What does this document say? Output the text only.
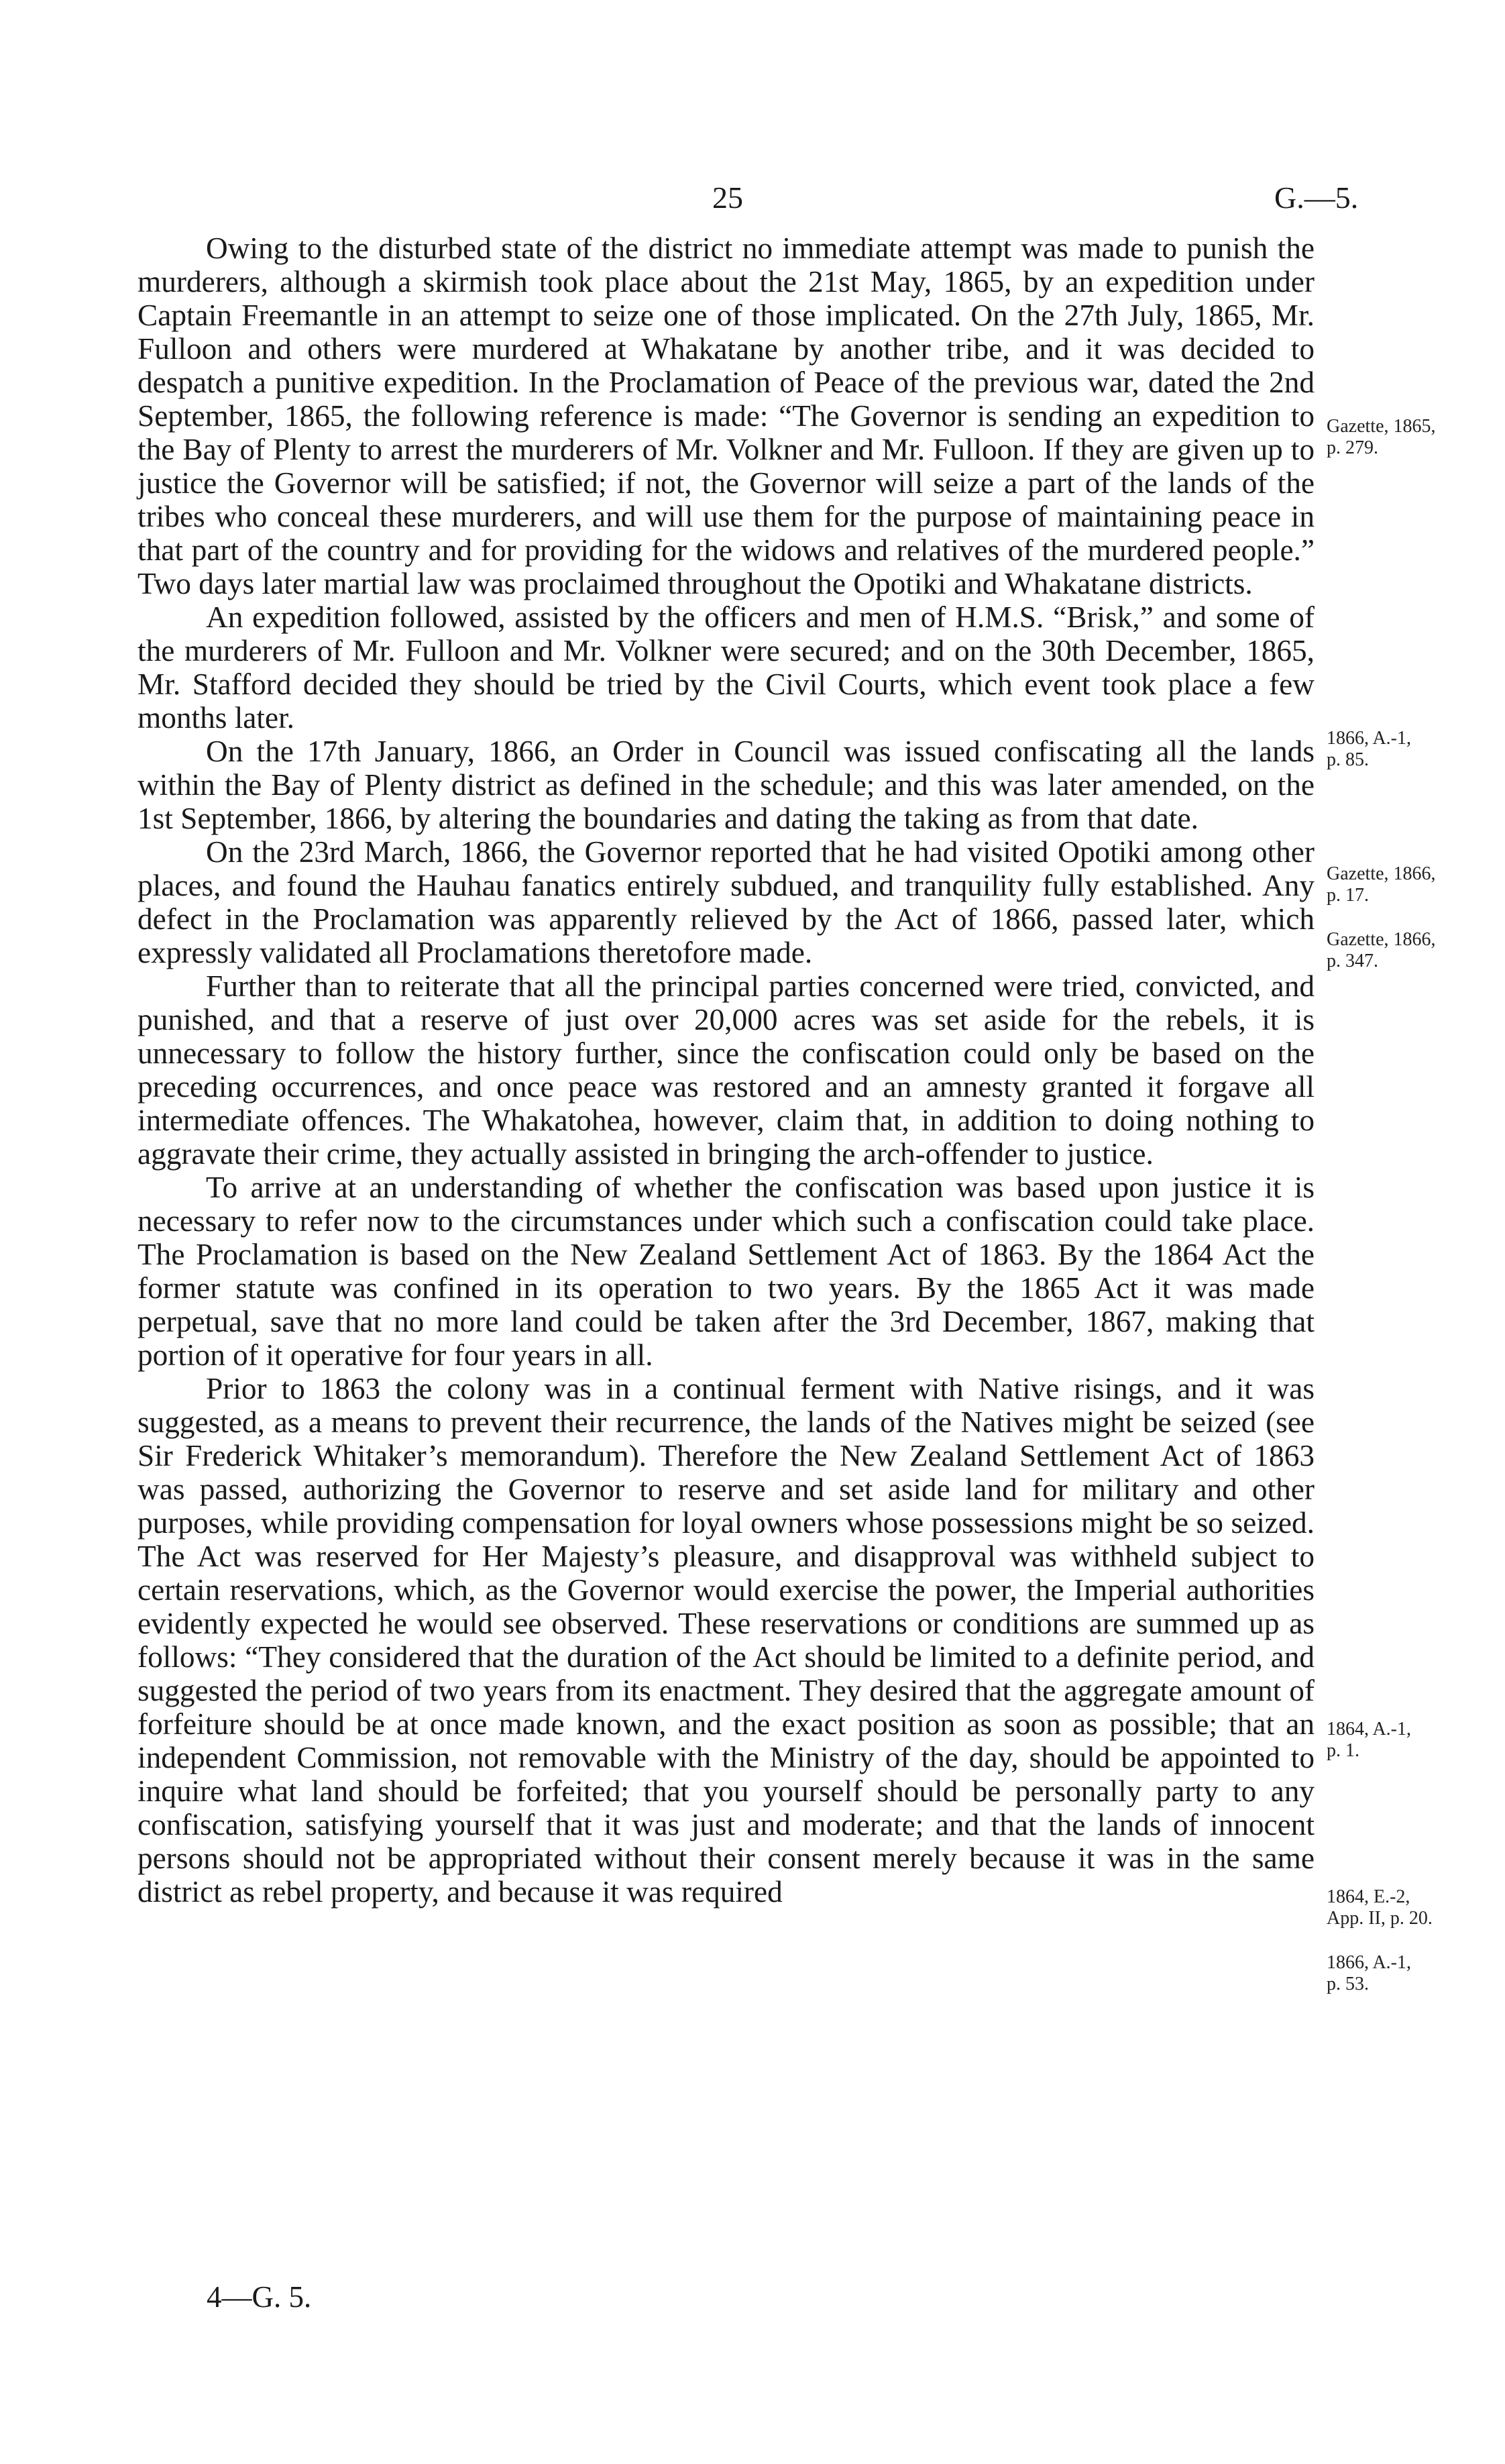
25	G.—5.

Owing to the disturbed state of the district no immediate attempt was made to punish the murderers, although a skirmish took place about the 21st May, 1865, by an expedition under Captain Freemantle in an attempt to seize one of those implicated. On the 27th July, 1865, Mr. Fulloon and others were murdered at Whakatane by another tribe, and it was decided to despatch a punitive expedition. In the Proclamation of Peace of the previous war, dated the 2nd September, 1865, the following reference is made: “The Governor is sending an expedition to the Bay of Plenty to arrest the murderers of Mr. Volkner and Mr. Fulloon. If they are given up to justice the Governor will be satisfied; if not, the Governor will seize a part of the lands of the tribes who conceal these murderers, and will use them for the purpose of maintaining peace in that part of the country and for providing for the widows and relatives of the murdered people.” Two days later martial law was proclaimed throughout the Opotiki and Whakatane districts.

An expedition followed, assisted by the officers and men of H.M.S. “Brisk,” and some of the murderers of Mr. Fulloon and Mr. Volkner were secured; and on the 30th December, 1865, Mr. Stafford decided they should be tried by the Civil Courts, which event took place a few months later.

On the 17th January, 1866, an Order in Council was issued confiscating all the lands within the Bay of Plenty district as defined in the schedule; and this was later amended, on the 1st September, 1866, by altering the boundaries and dating the taking as from that date.

On the 23rd March, 1866, the Governor reported that he had visited Opotiki among other places, and found the Hauhau fanatics entirely subdued, and tranquility fully established. Any defect in the Proclamation was apparently relieved by the Act of 1866, passed later, which expressly validated all Proclamations theretofore made.

Further than to reiterate that all the principal parties concerned were tried, convicted, and punished, and that a reserve of just over 20,000 acres was set aside for the rebels, it is unnecessary to follow the history further, since the confiscation could only be based on the preceding occurrences, and once peace was restored and an amnesty granted it forgave all intermediate offences. The Whakatohea, however, claim that, in addition to doing nothing to aggravate their crime, they actually assisted in bringing the arch-offender to justice.

To arrive at an understanding of whether the confiscation was based upon justice it is necessary to refer now to the circumstances under which such a confiscation could take place. The Proclamation is based on the New Zealand Settlement Act of 1863. By the 1864 Act the former statute was confined in its operation to two years. By the 1865 Act it was made perpetual, save that no more land could be taken after the 3rd December, 1867, making that portion of it operative for four years in all.

Prior to 1863 the colony was in a continual ferment with Native risings, and it was suggested, as a means to prevent their recurrence, the lands of the Natives might be seized (see Sir Frederick Whitaker’s memorandum). Therefore the New Zealand Settlement Act of 1863 was passed, authorizing the Governor to reserve and set aside land for military and other purposes, while providing compensation for loyal owners whose possessions might be so seized. The Act was reserved for Her Majesty’s pleasure, and disapproval was withheld subject to certain reservations, which, as the Governor would exercise the power, the Imperial authorities evidently expected he would see observed. These reservations or conditions are summed up as follows: “They considered that the duration of the Act should be limited to a definite period, and suggested the period of two years from its enactment. They desired that the aggregate amount of forfeiture should be at once made known, and the exact position as soon as possible; that an independent Commission, not removable with the Ministry of the day, should be appointed to inquire what land should be forfeited; that you yourself should be personally party to any confiscation, satisfying yourself that it was just and moderate; and that the lands of innocent persons should not be appropriated without their consent merely because it was in the same district as rebel property, and because it was required

Gazette, 1865,
p. 279.
1866, A.-1,
p. 85.
Gazette, 1866,
p. 17.
Gazette, 1866,
p. 347.
1864, A.-1,
p. 1.
1864, E.-2,
App. II, p. 20.
1866, A.-1,
p. 53.
4—G. 5.
